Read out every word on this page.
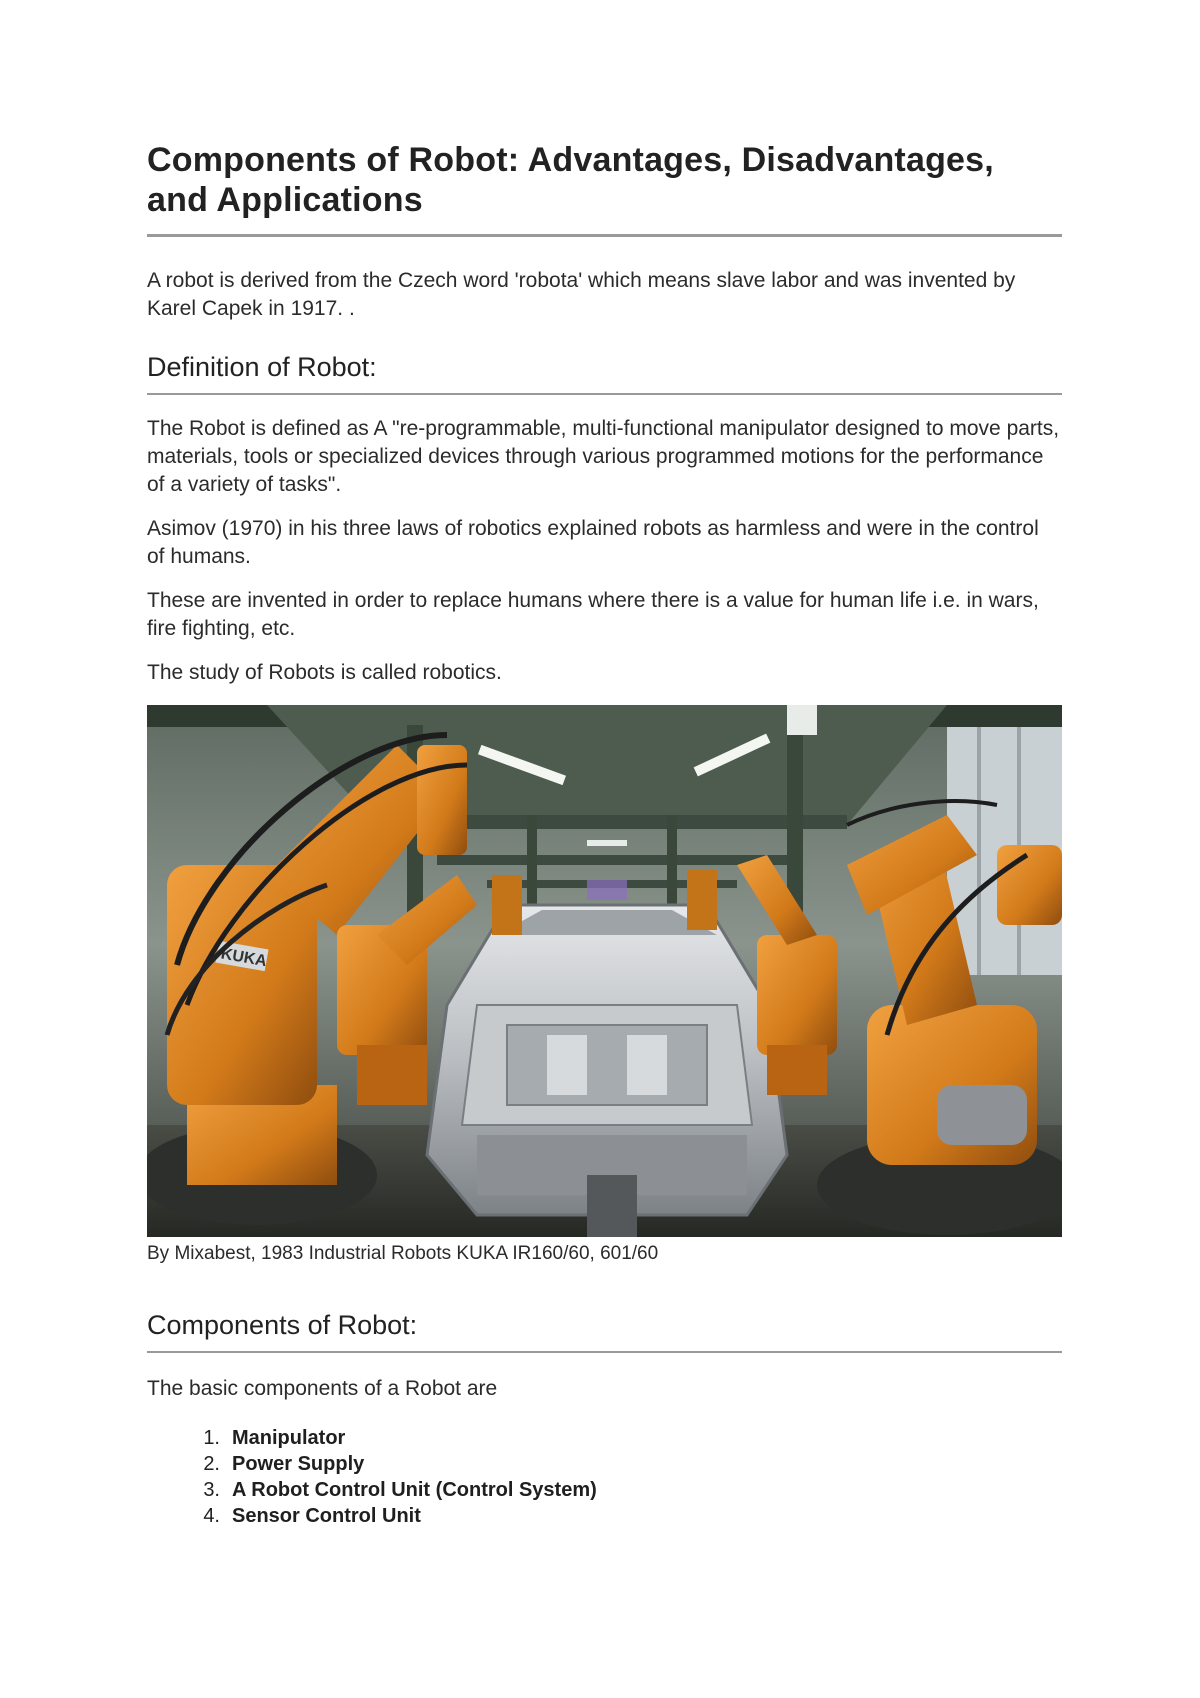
Components of Robot: Advantages, Disadvantages, and Applications

A robot is derived from the Czech word 'robota' which means slave labor and was invented by Karel Capek in 1917. .

Definition of Robot:

The Robot is defined as A "re-programmable, multi-functional manipulator designed to move parts, materials, tools or specialized devices through various programmed motions for the performance of a variety of tasks".

Asimov (1970) in his three laws of robotics explained robots as harmless and were in the control of humans.

These are invented in order to replace humans where there is a value for human life i.e. in wars, fire fighting, etc.

The study of Robots is called robotics.

KUKA

By Mixabest, 1983 Industrial Robots KUKA IR160/60, 601/60

Components of Robot:

The basic components of a Robot are

1. Manipulator
2. Power Supply
3. A Robot Control Unit (Control System)
4. Sensor Control Unit
